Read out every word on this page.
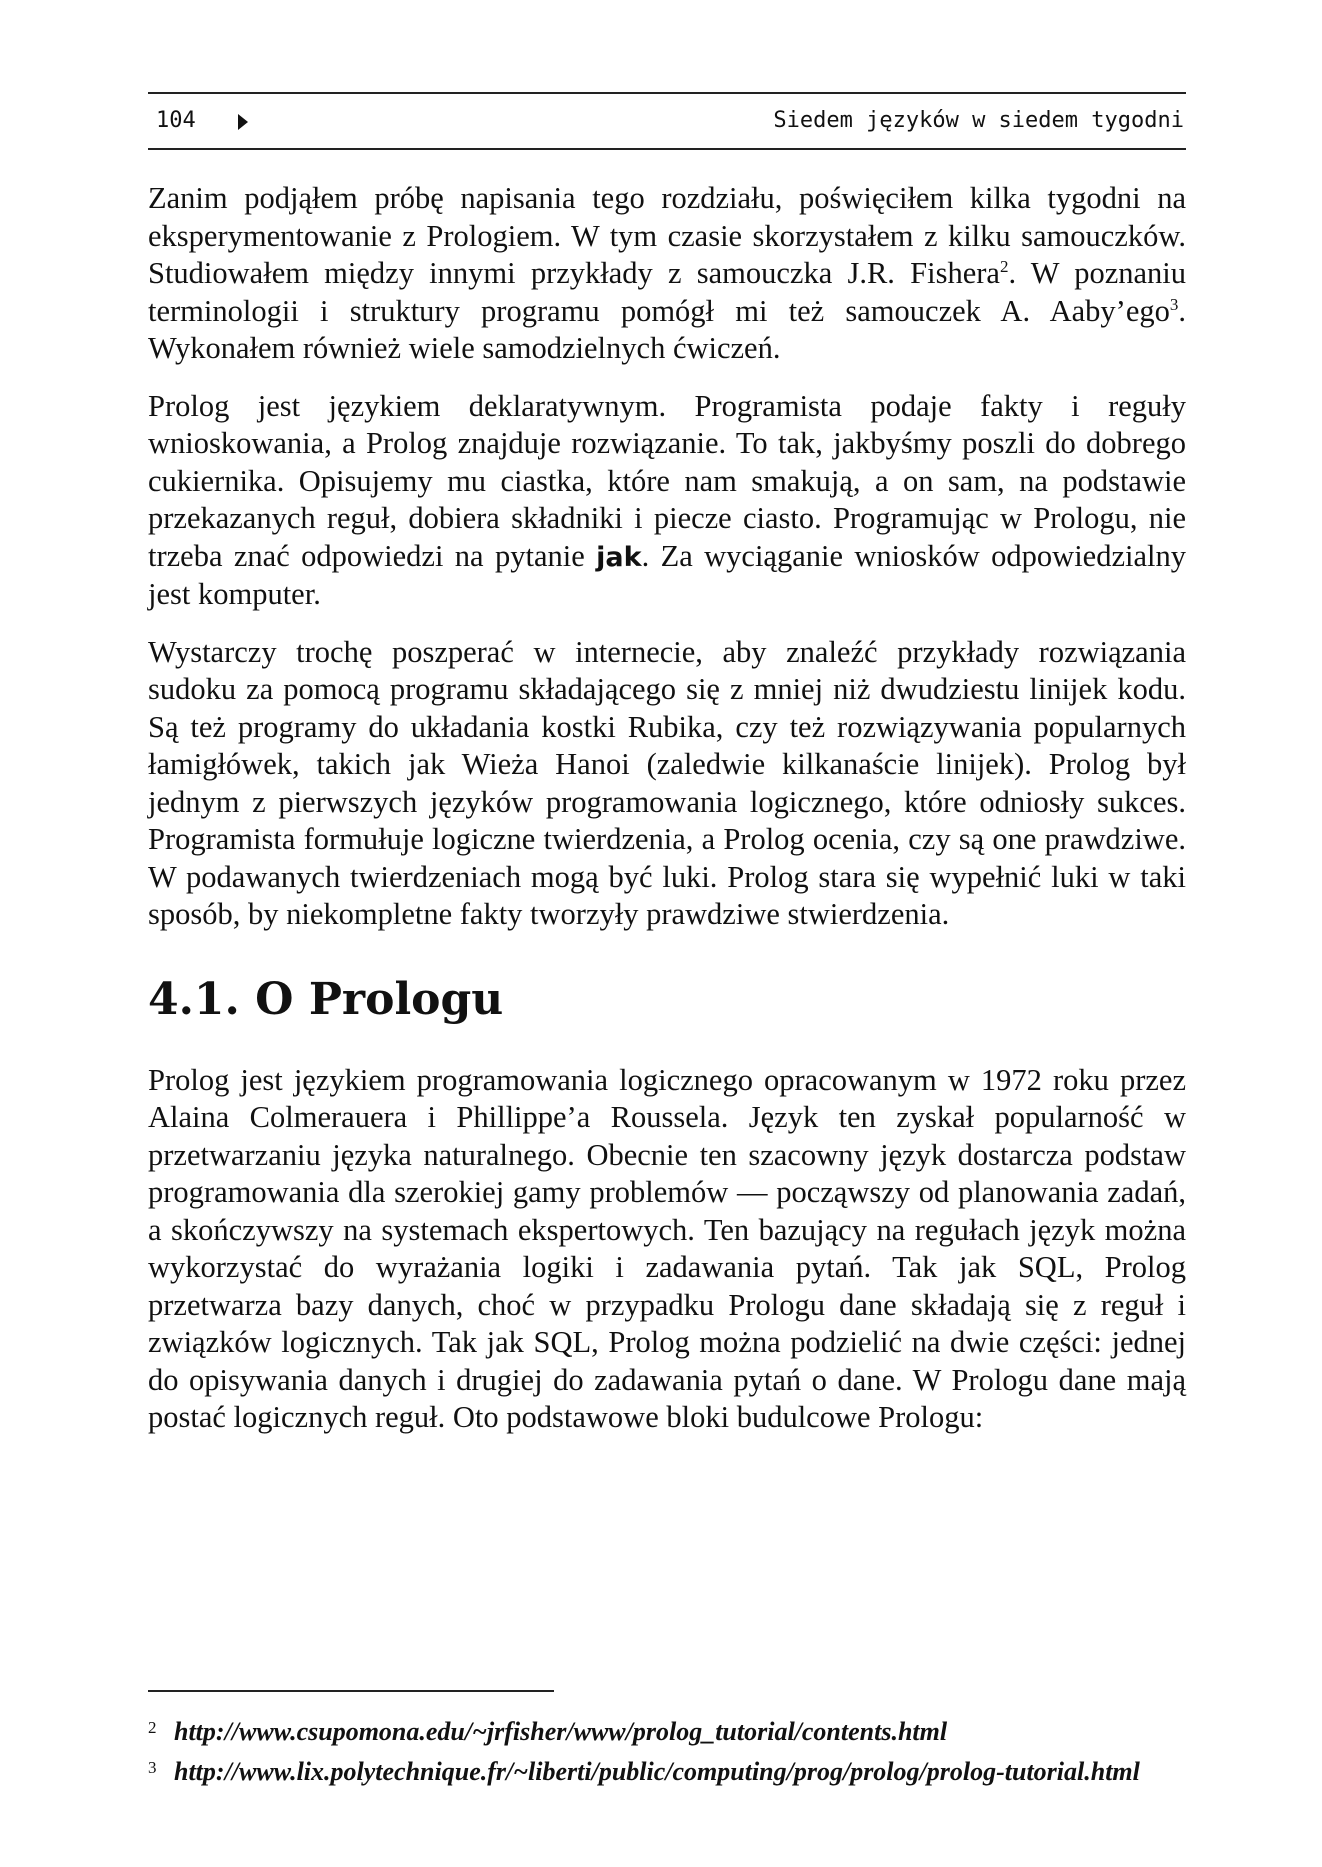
104	Siedem języków w siedem tygodni

Zanim podjąłem próbę napisania tego rozdziału, poświęciłem kilka tygodni na eksperymentowanie z Prologiem. W tym czasie skorzystałem z kilku samouczków. Studiowałem między innymi przykłady z samouczka J.R. Fishera$^2$. W poznaniu terminologii i struktury programu pomógł mi też samouczek A. Aaby’ego$^3$. Wykonałem również wiele samodzielnych ćwiczeń.

Prolog jest językiem deklaratywnym. Programista podaje fakty i reguły wnioskowania, a Prolog znajduje rozwiązanie. To tak, jakbyśmy poszli do dobrego cukiernika. Opisujemy mu ciastka, które nam smakują, a on sam, na podstawie przekazanych reguł, dobiera składniki i piecze ciasto. Programując w Prologu, nie trzeba znać odpowiedzi na pytanie jak. Za wyciąganie wniosków odpowiedzialny jest komputer.

Wystarczy trochę poszperać w internecie, aby znaleźć przykłady rozwiązania sudoku za pomocą programu składającego się z mniej niż dwudziestu linijek kodu. Są też programy do układania kostki Rubika, czy też rozwiązywania popularnych łamigłówek, takich jak Wieża Hanoi (zaledwie kilkanaście linijek). Prolog był jednym z pierwszych języków programowania logicznego, które odniosły sukces. Programista formułuje logiczne twierdzenia, a Prolog ocenia, czy są one prawdziwe. W podawanych twierdzeniach mogą być luki. Prolog stara się wypełnić luki w taki sposób, by niekompletne fakty tworzyły prawdziwe stwierdzenia.

4.1. O Prologu

Prolog jest językiem programowania logicznego opracowanym w 1972 roku przez Alaina Colmerauera i Phillippe’a Roussela. Język ten zyskał popularność w przetwarzaniu języka naturalnego. Obecnie ten szacowny język dostarcza podstaw programowania dla szerokiej gamy problemów — począwszy od planowania zadań, a skończywszy na systemach ekspertowych. Ten bazujący na regułach język można wykorzystać do wyrażania logiki i zadawania pytań. Tak jak SQL, Prolog przetwarza bazy danych, choć w przypadku Prologu dane składają się z reguł i związków logicznych. Tak jak SQL, Prolog można podzielić na dwie części: jednej do opisywania danych i drugiej do zadawania pytań o dane. W Prologu dane mają postać logicznych reguł. Oto podstawowe bloki budulcowe Prologu:

2 http://www.csupomona.edu/~jrfisher/www/prolog_tutorial/contents.html
3 http://www.lix.polytechnique.fr/~liberti/public/computing/prog/prolog/prolog-tutorial.html
